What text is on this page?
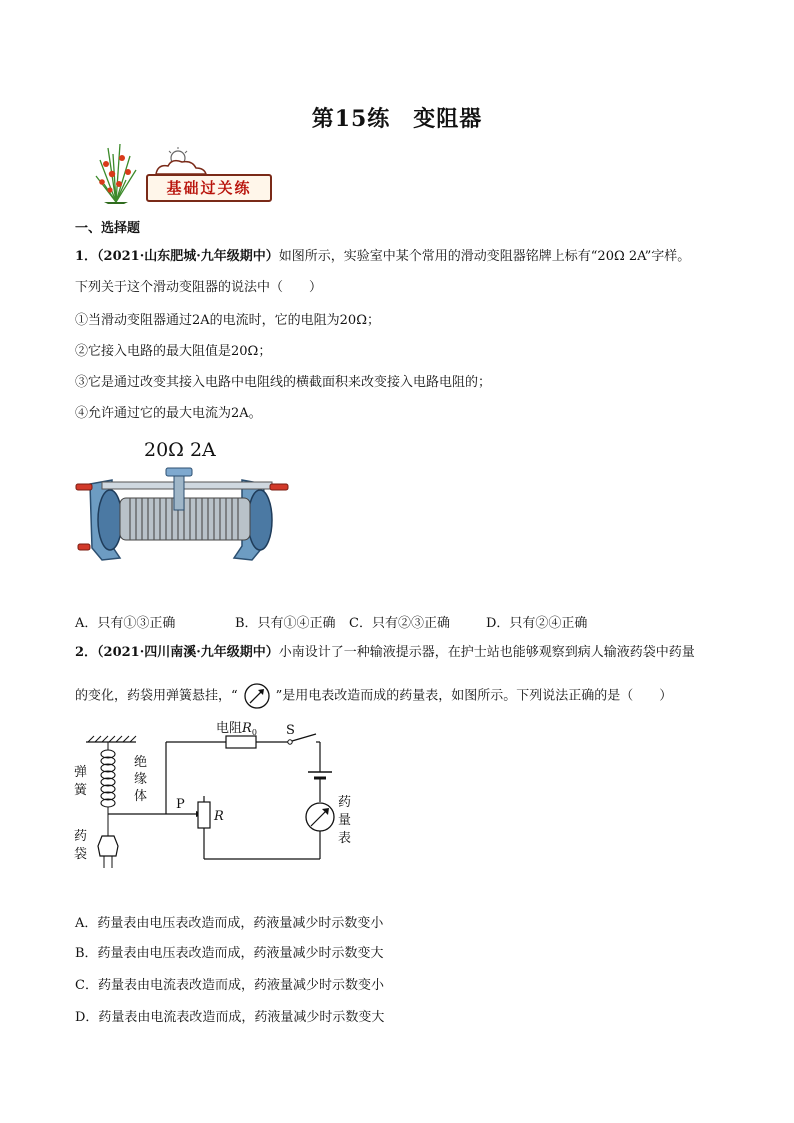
第15练　变阻器
基础过关练
一、选择题
1．（2021·山东肥城·九年级期中）如图所示，实验室中某个常用的滑动变阻器铭牌上标有“20Ω 2A”字样。
下列关于这个滑动变阻器的说法中（　　）
①当滑动变阻器通过2A的电流时，它的电阻为20Ω；
②它接入电路的最大阻值是20Ω；
③它是通过改变其接入电路中电阻线的横截面积来改变接入电路电阻的；
④允许通过它的最大电流为2A。
20Ω 2A
A．只有①③正确	B．只有①④正确 C．只有②③正确	D．只有②④正确
2．（2021·四川南溪·九年级期中）小南设计了一种输液提示器，在护士站也能够观察到病人输液药袋中药量
的变化，药袋用弹簧悬挂，“	”是用电表改造而成的药量表，如图所示。下列说法正确的是（　　）
电阻$R_0$ S
弹
簧
绝
缘
体
P
R
药
袋
药
量
表
A．药量表由电压表改造而成，药液量减少时示数变小
B．药量表由电压表改造而成，药液量减少时示数变大
C．药量表由电流表改造而成，药液量减少时示数变小
D．药量表由电流表改造而成，药液量减少时示数变大
